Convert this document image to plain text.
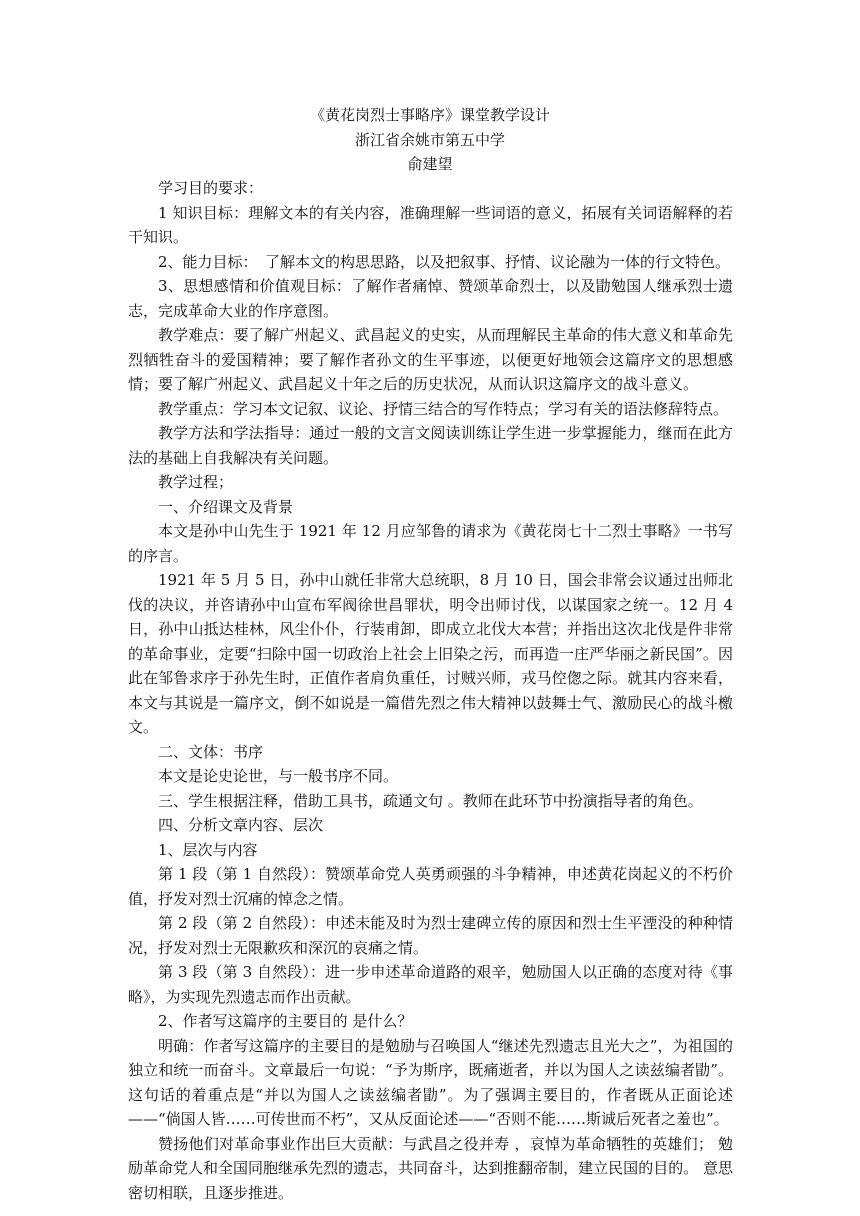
《黄花岗烈士事略序》课堂教学设计
浙江省余姚市第五中学
俞建望

学习目的要求：

1 知识目标：理解文本的有关内容，准确理解一些词语的意义，拓展有关词语解释的若干知识。

2、能力目标：　了解本文的构思思路，以及把叙事、抒情、议论融为一体的行文特色。

3、思想感情和价值观目标：了解作者痛悼、赞颂革命烈士，以及勖勉国人继承烈士遗志，完成革命大业的作序意图。

教学难点：要了解广州起义、武昌起义的史实，从而理解民主革命的伟大意义和革命先烈牺牲奋斗的爱国精神；要了解作者孙文的生平事迹，以便更好地领会这篇序文的思想感情；要了解广州起义、武昌起义十年之后的历史状况，从而认识这篇序文的战斗意义。

教学重点：学习本文记叙、议论、抒情三结合的写作特点；学习有关的语法修辞特点。

教学方法和学法指导：通过一般的文言文阅读训练让学生进一步掌握能力，继而在此方法的基础上自我解决有关问题。

教学过程；

一、介绍课文及背景

本文是孙中山先生于 1921 年 12 月应邹鲁的请求为《黄花岗七十二烈士事略》一书写的序言。

1921 年 5 月 5 日，孙中山就任非常大总统职，8 月 10 日，国会非常会议通过出师北伐的决议，并咨请孙中山宣布军阀徐世昌罪状，明令出师讨伐，以谋国家之统一。12 月 4 日，孙中山抵达桂林，风尘仆仆，行装甫卸，即成立北伐大本营；并指出这次北伐是件非常的革命事业，定要“扫除中国一切政治上社会上旧染之污，而再造一庄严华丽之新民国”。因此在邹鲁求序于孙先生时，正值作者肩负重任，讨贼兴师，戎马倥偬之际。就其内容来看，本文与其说是一篇序文，倒不如说是一篇借先烈之伟大精神以鼓舞士气、激励民心的战斗檄文。

二、文体：书序

本文是论史论世，与一般书序不同。

三、学生根据注释，借助工具书，疏通文句 。教师在此环节中扮演指导者的角色。

四、分析文章内容、层次

1、层次与内容

第 1 段（第 1 自然段）：赞颂革命党人英勇顽强的斗争精神，申述黄花岗起义的不朽价值，抒发对烈士沉痛的悼念之情。

第 2 段（第 2 自然段）：申述未能及时为烈士建碑立传的原因和烈士生平湮没的种种情况，抒发对烈士无限歉疚和深沉的哀痛之情。

第 3 段（第 3 自然段）：进一步申述革命道路的艰辛，勉励国人以正确的态度对待《事略》，为实现先烈遗志而作出贡献。

2、作者写这篇序的主要目的 是什么？

明确：作者写这篇序的主要目的是勉励与召唤国人“继述先烈遗志且光大之”，为祖国的独立和统一而奋斗。文章最后一句说：“予为斯序，既痛逝者，并以为国人之读兹编者勖”。这句话的着重点是“并以为国人之读兹编者勖”。为了强调主要目的，作者既从正面论述——“倘国人皆……可传世而不朽”，又从反面论述——“否则不能……斯诚后死者之羞也”。

赞扬他们对革命事业作出巨大贡献：与武昌之役并寿 ，哀悼为革命牺牲的英雄们； 勉励革命党人和全国同胞继承先烈的遗志，共同奋斗，达到推翻帝制，建立民国的目的。 意思密切相联，且逐步推进。
